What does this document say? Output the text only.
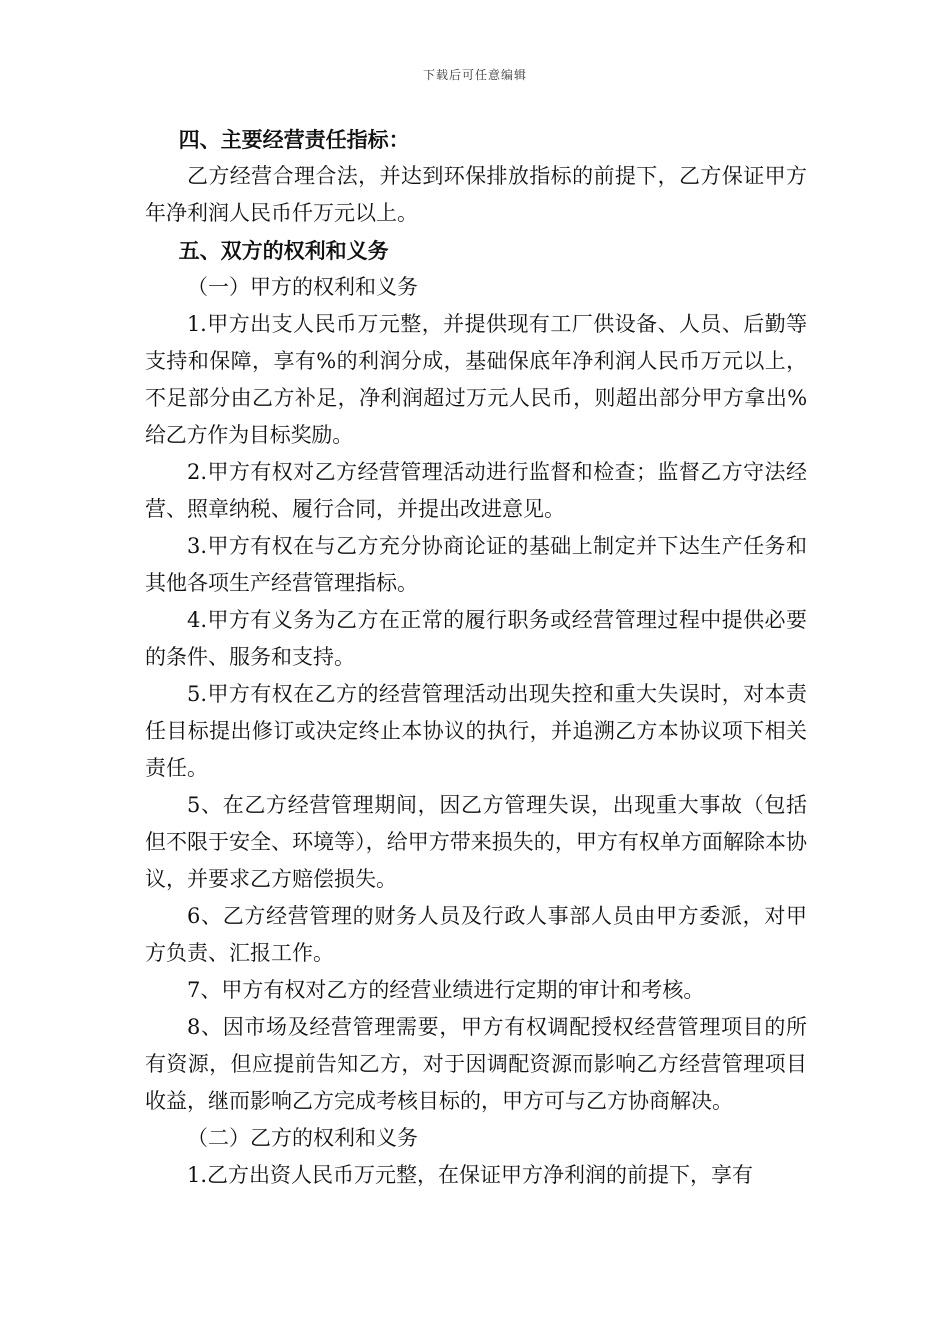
下载后可任意编辑

四、主要经营责任指标：

乙方经营合理合法，并达到环保排放指标的前提下，乙方保证甲方年净利润人民币仟万元以上。

五、双方的权利和义务

（一）甲方的权利和义务

1.甲方出支人民币万元整，并提供现有工厂供设备、人员、后勤等支持和保障，享有%的利润分成，基础保底年净利润人民币万元以上，不足部分由乙方补足，净利润超过万元人民币，则超出部分甲方拿出%给乙方作为目标奖励。

2.甲方有权对乙方经营管理活动进行监督和检查；监督乙方守法经营、照章纳税、履行合同，并提出改进意见。

3.甲方有权在与乙方充分协商论证的基础上制定并下达生产任务和其他各项生产经营管理指标。

4.甲方有义务为乙方在正常的履行职务或经营管理过程中提供必要的条件、服务和支持。

5.甲方有权在乙方的经营管理活动出现失控和重大失误时，对本责任目标提出修订或决定终止本协议的执行，并追溯乙方本协议项下相关责任。

5、在乙方经营管理期间，因乙方管理失误，出现重大事故（包括但不限于安全、环境等），给甲方带来损失的，甲方有权单方面解除本协议，并要求乙方赔偿损失。

6、乙方经营管理的财务人员及行政人事部人员由甲方委派，对甲方负责、汇报工作。

7、甲方有权对乙方的经营业绩进行定期的审计和考核。

8、因市场及经营管理需要，甲方有权调配授权经营管理项目的所有资源，但应提前告知乙方，对于因调配资源而影响乙方经营管理项目收益，继而影响乙方完成考核目标的，甲方可与乙方协商解决。

（二）乙方的权利和义务

1.乙方出资人民币万元整，在保证甲方净利润的前提下，享有
